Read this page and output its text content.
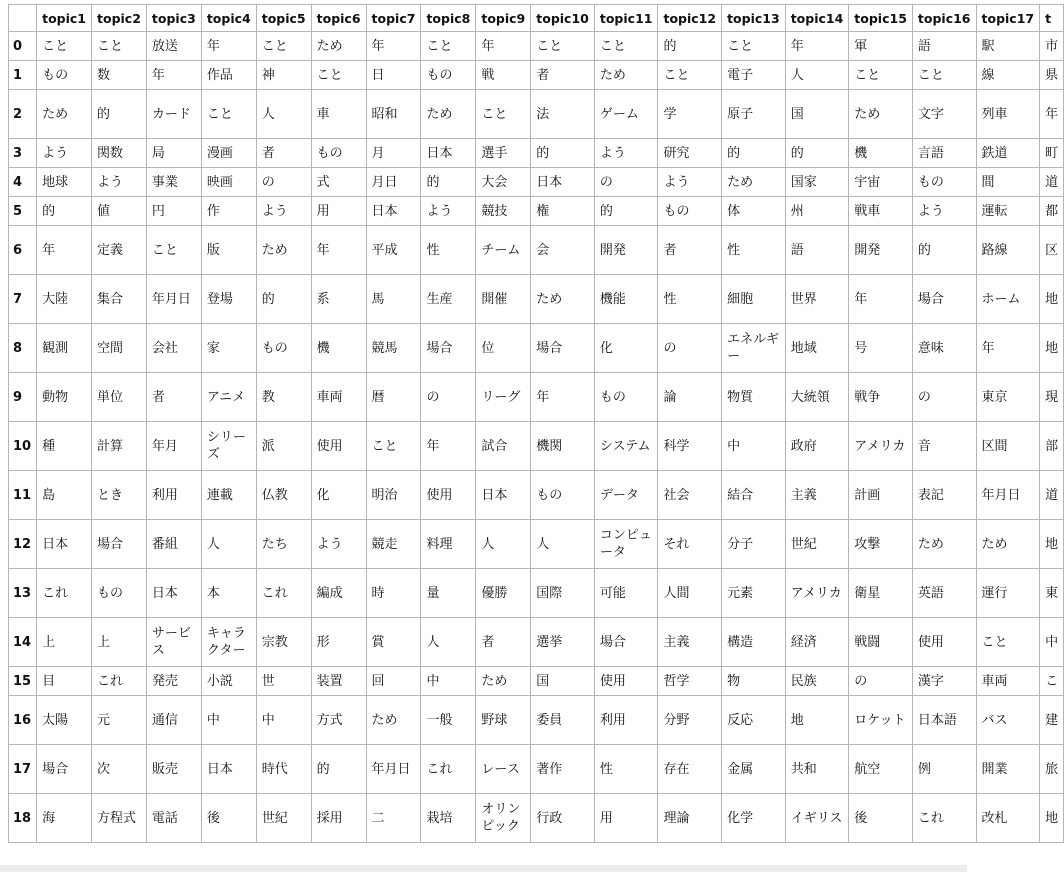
	topic1	topic2	topic3	topic4	topic5	topic6	topic7	topic8	topic9	topic10	topic11	topic12	topic13	topic14	topic15	topic16	topic17	t
0	こと	こと	放送	年	こと	ため	年	こと	年	こと	こと	的	こと	年	軍	語	駅	市
1	もの	数	年	作品	神	こと	日	もの	戦	者	ため	こと	電子	人	こと	こと	線	県
2	ため	的	カード	こと	人	車	昭和	ため	こと	法	ゲーム	学	原子	国	ため	文字	列車	年
3	よう	関数	局	漫画	者	もの	月	日本	選手	的	よう	研究	的	的	機	言語	鉄道	町
4	地球	よう	事業	映画	の	式	月日	的	大会	日本	の	よう	ため	国家	宇宙	もの	間	道
5	的	値	円	作	よう	用	日本	よう	競技	権	的	もの	体	州	戦車	よう	運転	都
6	年	定義	こと	版	ため	年	平成	性	チーム	会	開発	者	性	語	開発	的	路線	区
7	大陸	集合	年月日	登場	的	系	馬	生産	開催	ため	機能	性	細胞	世界	年	場合	ホーム	地
8	観測	空間	会社	家	もの	機	競馬	場合	位	場合	化	の	エネルギー	地域	号	意味	年	地
9	動物	単位	者	アニメ	教	車両	暦	の	リーグ	年	もの	論	物質	大統領	戦争	の	東京	現
10	種	計算	年月	シリーズ	派	使用	こと	年	試合	機関	システム	科学	中	政府	アメリカ	音	区間	部
11	島	とき	利用	連載	仏教	化	明治	使用	日本	もの	データ	社会	結合	主義	計画	表記	年月日	道
12	日本	場合	番組	人	たち	よう	競走	料理	人	人	コンピュータ	それ	分子	世紀	攻撃	ため	ため	地
13	これ	もの	日本	本	これ	編成	時	量	優勝	国際	可能	人間	元素	アメリカ	衛星	英語	運行	東
14	上	上	サービス	キャラクター	宗教	形	賞	人	者	選挙	場合	主義	構造	経済	戦闘	使用	こと	中
15	目	これ	発売	小説	世	装置	回	中	ため	国	使用	哲学	物	民族	の	漢字	車両	こ
16	太陽	元	通信	中	中	方式	ため	一般	野球	委員	利用	分野	反応	地	ロケット	日本語	バス	建
17	場合	次	販売	日本	時代	的	年月日	これ	レース	著作	性	存在	金属	共和	航空	例	開業	旅
18	海	方程式	電話	後	世紀	採用	二	栽培	オリンピック	行政	用	理論	化学	イギリス	後	これ	改札	地
